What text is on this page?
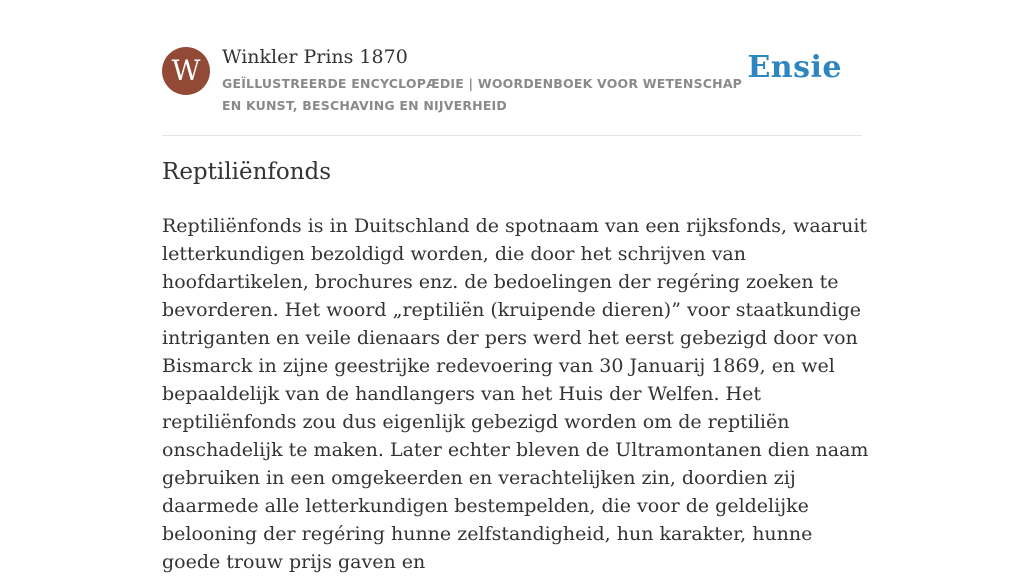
W	Winkler Prins 1870
GEÏLLUSTREERDE ENCYCLOPÆDIE | WOORDENBOEK VOOR WETENSCHAP EN KUNST, BESCHAVING EN NIJVERHEID
Ensie
Reptiliënfonds

Reptiliënfonds is in Duitschland de spotnaam van een rijksfonds, waaruit letterkundigen bezoldigd worden, die door het schrijven van hoofdartikelen, brochures enz. de bedoelingen der regéring zoeken te bevorderen. Het woord „reptiliën (kruipende dieren)” voor staatkundige intriganten en veile dienaars der pers werd het eerst gebezigd door von Bismarck in zijne geestrijke redevoering van 30 Januarij 1869, en wel bepaaldelijk van de handlangers van het Huis der Welfen. Het reptiliënfonds zou dus eigenlijk gebezigd worden om de reptiliën onschadelijk te maken. Later echter bleven de Ultramontanen dien naam gebruiken in een omgekeerden en verachtelijken zin, doordien zij daarmede alle letterkundigen bestempelden, die voor de geldelijke belooning der regéring hunne zelfstandigheid, hun karakter, hunne goede trouw prijs gaven en
